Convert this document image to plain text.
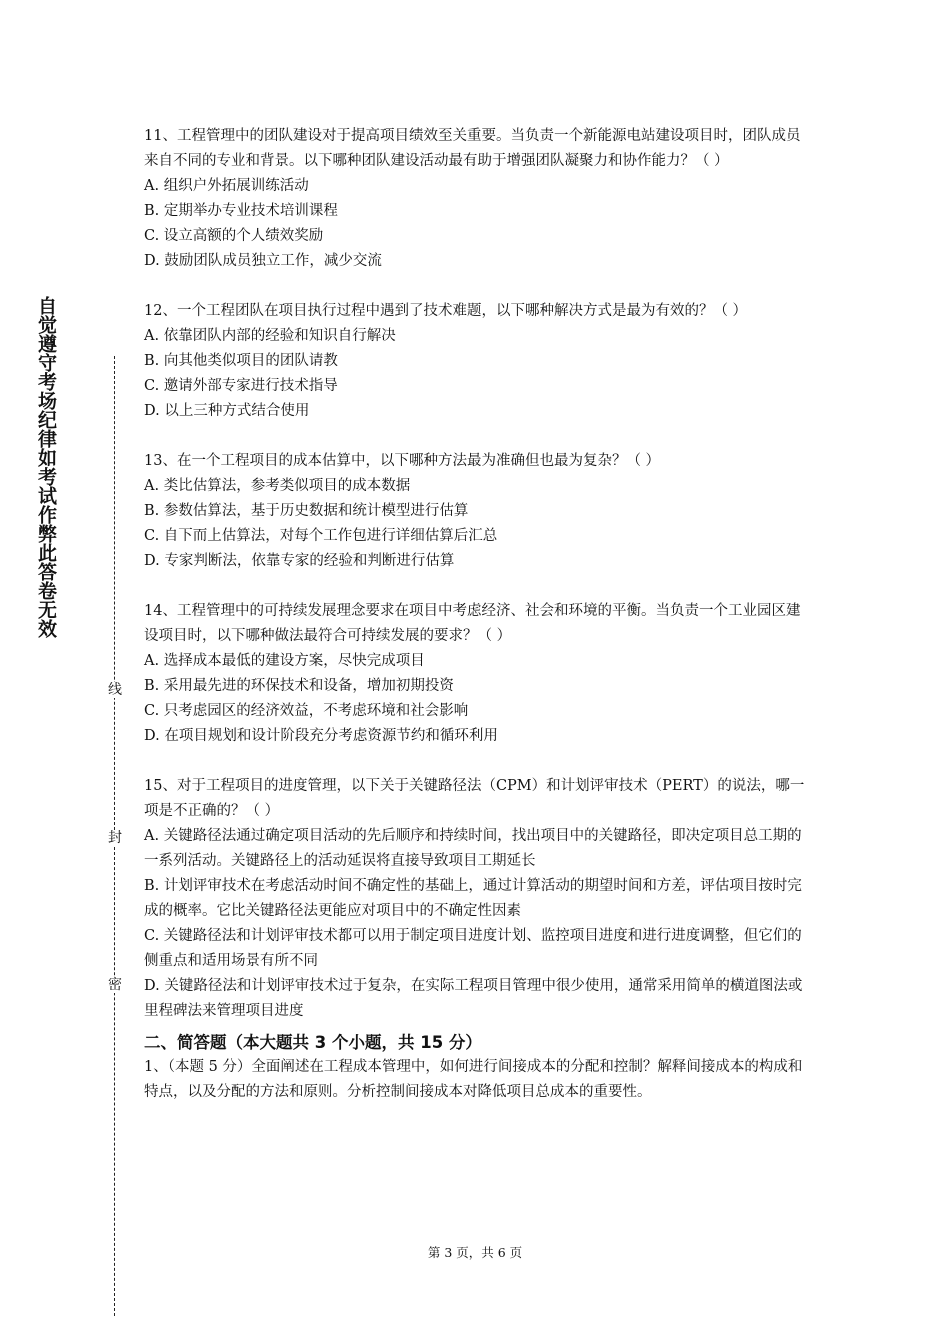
自觉遵守考场纪律如考试作弊此答卷无效
线
封
密

11、工程管理中的团队建设对于提高项目绩效至关重要。当负责一个新能源电站建设项目时，团队成员来自不同的专业和背景。以下哪种团队建设活动最有助于增强团队凝聚力和协作能力？（ ）

A. 组织户外拓展训练活动

B. 定期举办专业技术培训课程

C. 设立高额的个人绩效奖励

D. 鼓励团队成员独立工作，减少交流

12、一个工程团队在项目执行过程中遇到了技术难题，以下哪种解决方式是最为有效的？（ ）

A. 依靠团队内部的经验和知识自行解决

B. 向其他类似项目的团队请教

C. 邀请外部专家进行技术指导

D. 以上三种方式结合使用

13、在一个工程项目的成本估算中，以下哪种方法最为准确但也最为复杂？（ ）

A. 类比估算法，参考类似项目的成本数据

B. 参数估算法，基于历史数据和统计模型进行估算

C. 自下而上估算法，对每个工作包进行详细估算后汇总

D. 专家判断法，依靠专家的经验和判断进行估算

14、工程管理中的可持续发展理念要求在项目中考虑经济、社会和环境的平衡。当负责一个工业园区建设项目时，以下哪种做法最符合可持续发展的要求？（ ）

A. 选择成本最低的建设方案，尽快完成项目

B. 采用最先进的环保技术和设备，增加初期投资

C. 只考虑园区的经济效益，不考虑环境和社会影响

D. 在项目规划和设计阶段充分考虑资源节约和循环利用

15、对于工程项目的进度管理，以下关于关键路径法（CPM）和计划评审技术（PERT）的说法，哪一项是不正确的？（ ）

A. 关键路径法通过确定项目活动的先后顺序和持续时间，找出项目中的关键路径，即决定项目总工期的一系列活动。关键路径上的活动延误将直接导致项目工期延长

B. 计划评审技术在考虑活动时间不确定性的基础上，通过计算活动的期望时间和方差，评估项目按时完成的概率。它比关键路径法更能应对项目中的不确定性因素

C. 关键路径法和计划评审技术都可以用于制定项目进度计划、监控项目进度和进行进度调整，但它们的侧重点和适用场景有所不同

D. 关键路径法和计划评审技术过于复杂，在实际工程项目管理中很少使用，通常采用简单的横道图法或里程碑法来管理项目进度

二、简答题（本大题共 3 个小题，共 15 分）

1、（本题 5 分）全面阐述在工程成本管理中，如何进行间接成本的分配和控制？解释间接成本的构成和特点，以及分配的方法和原则。分析控制间接成本对降低项目总成本的重要性。

第 3 页，共 6 页
